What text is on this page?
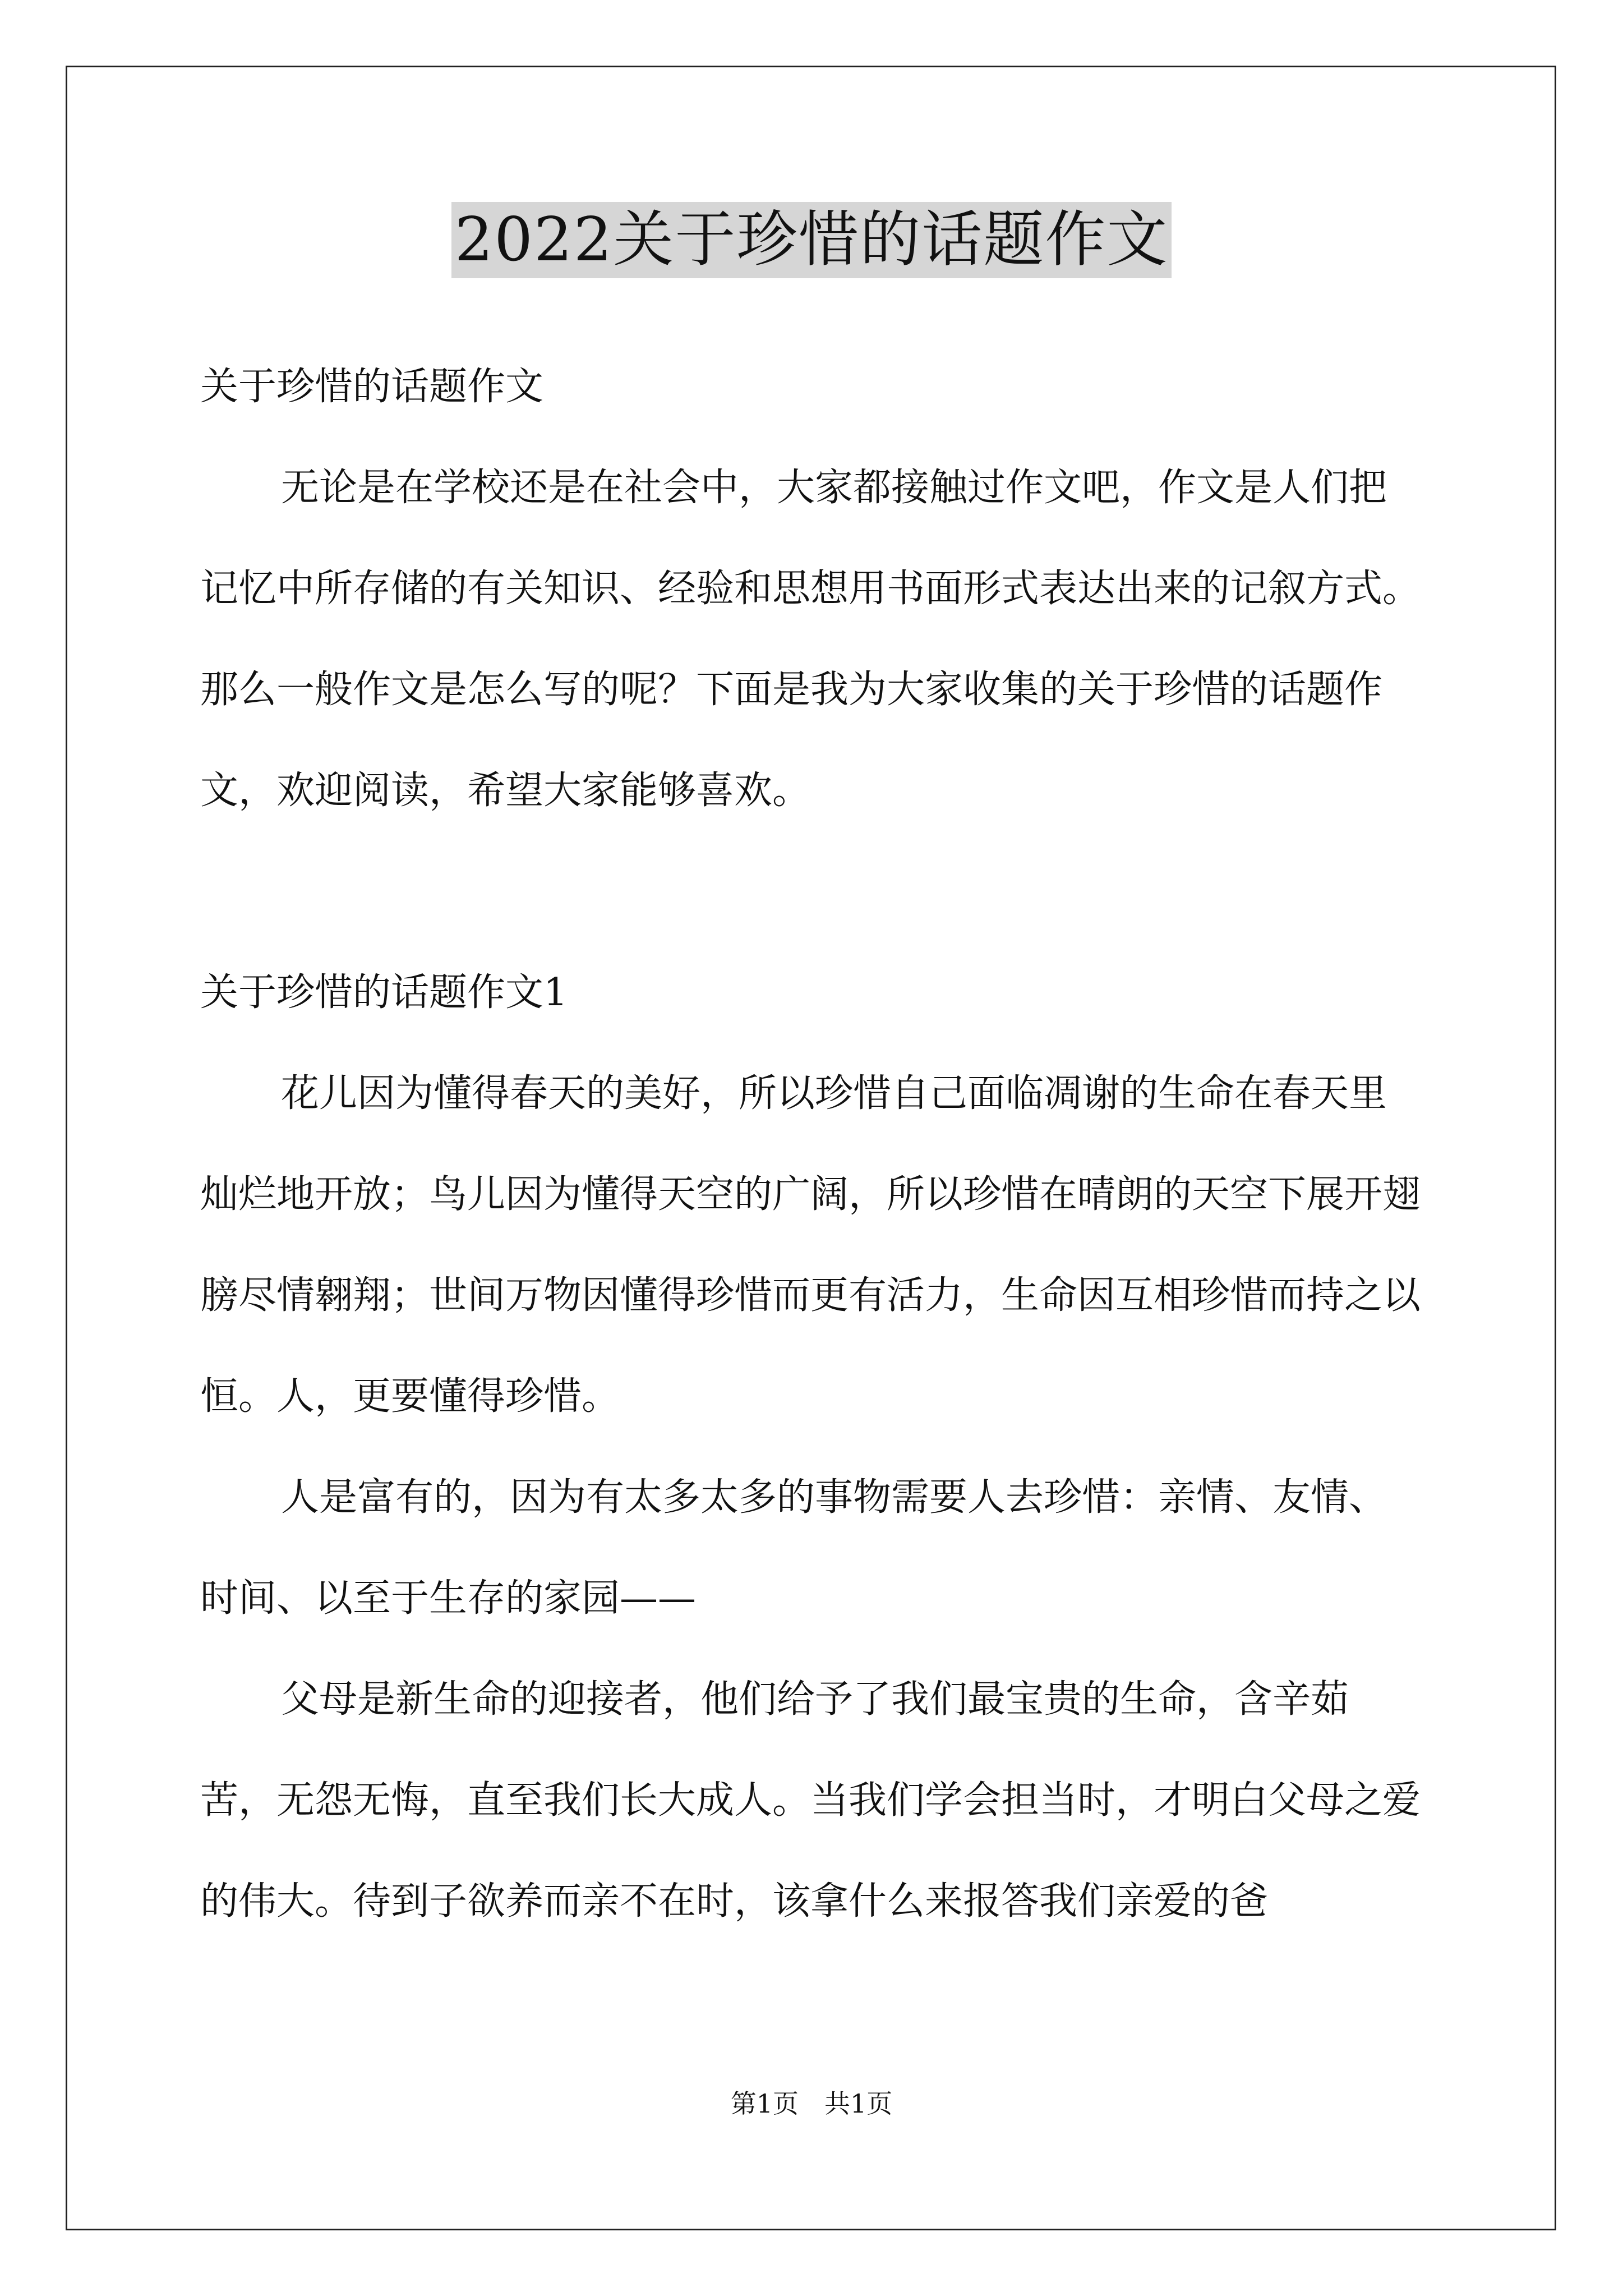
2022关于珍惜的话题作文

关于珍惜的话题作文

无论是在学校还是在社会中，大家都接触过作文吧，作文是人们把记忆中所存储的有关知识、经验和思想用书面形式表达出来的记叙方式。那么一般作文是怎么写的呢？下面是我为大家收集的关于珍惜的话题作文，欢迎阅读，希望大家能够喜欢。

关于珍惜的话题作文1

花儿因为懂得春天的美好，所以珍惜自己面临凋谢的生命在春天里灿烂地开放；鸟儿因为懂得天空的广阔，所以珍惜在晴朗的天空下展开翅膀尽情翱翔；世间万物因懂得珍惜而更有活力，生命因互相珍惜而持之以恒。人，更要懂得珍惜。

人是富有的，因为有太多太多的事物需要人去珍惜：亲情、友情、时间、以至于生存的家园——

父母是新生命的迎接者，他们给予了我们最宝贵的生命，含辛茹苦，无怨无悔，直至我们长大成人。当我们学会担当时，才明白父母之爱的伟大。待到子欲养而亲不在时，该拿什么来报答我们亲爱的爸

第1页　共1页
